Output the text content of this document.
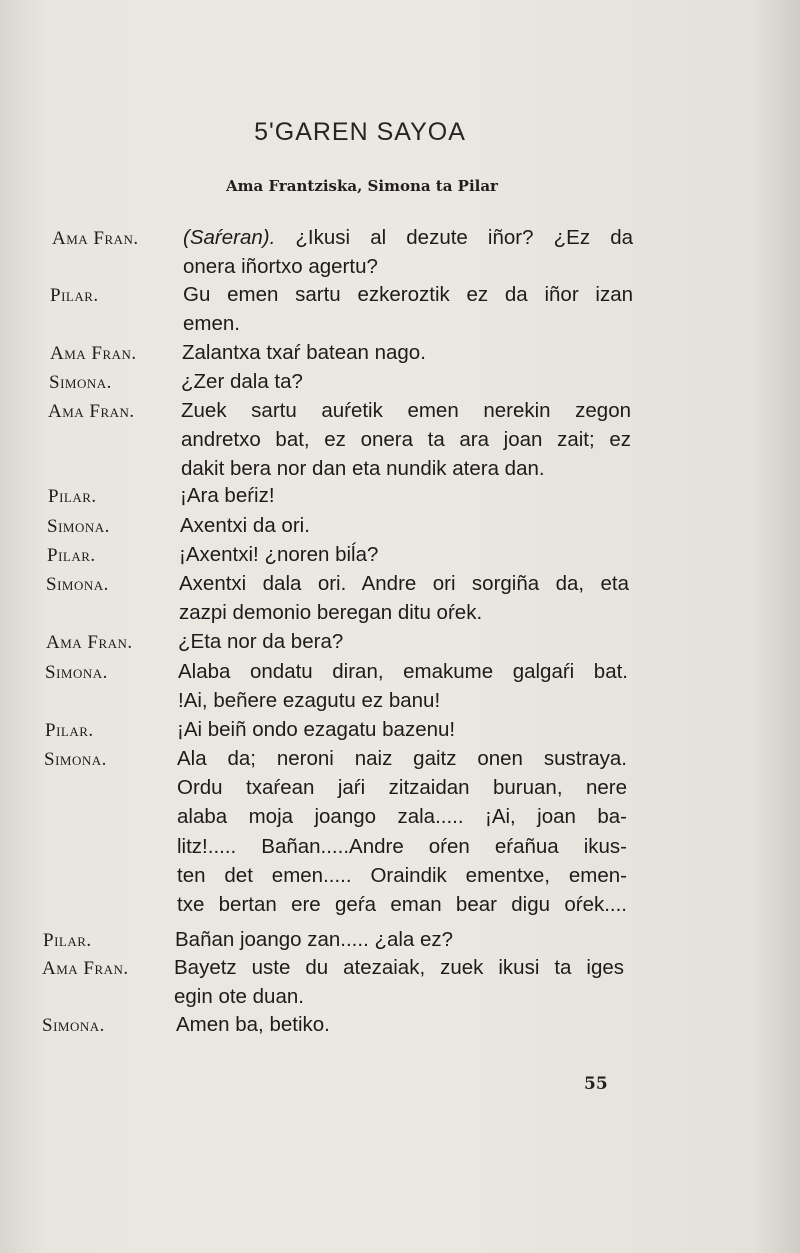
5'GAREN SAYOA
Ama Frantziska, Simona ta Pilar
Ama Fran. (Saŕeran). ¿Ikusi al dezute iñor? ¿Ez da
onera iñortxo agertu?
Pilar.	Gu emen sartu ezkeroztik ez da iñor izan
emen.
Ama Fran. Zalantxa txaŕ batean nago.
Simona.	¿Zer dala ta?
Ama Fran. Zuek sartu auŕetik emen nerekin zegon
andretxo bat, ez onera ta ara joan zait; ez
dakit bera nor dan eta nundik atera dan.
Pilar.	¡Ara beŕiz!
Simona.	Axentxi da ori.
Pilar.	¡Axentxi! ¿noren biĺa?
Simona.	Axentxi dala ori. Andre ori sorgiña da, eta
zazpi demonio beregan ditu oŕek.
Ama Fran. ¿Eta nor da bera?
Simona.	Alaba ondatu diran, emakume galgaŕi bat.
!Ai, beñere ezagutu ez banu!
Pilar.	¡Ai beiñ ondo ezagatu bazenu!
Simona.	Ala da; neroni naiz gaitz onen sustraya.
Ordu txaŕean jaŕi zitzaidan buruan, nere
alaba moja joango zala..... ¡Ai, joan ba-
litz!..... Bañan.....Andre oŕen eŕañua ikus-
ten det emen..... Oraindik ementxe, emen-
txe bertan ere geŕa eman bear digu oŕek....
Pilar.	Bañan joango zan..... ¿ala ez?
Ama Fran. Bayetz uste du atezaiak, zuek ikusi ta iges
egin ote duan.
Simona.	Amen ba, betiko.
55
